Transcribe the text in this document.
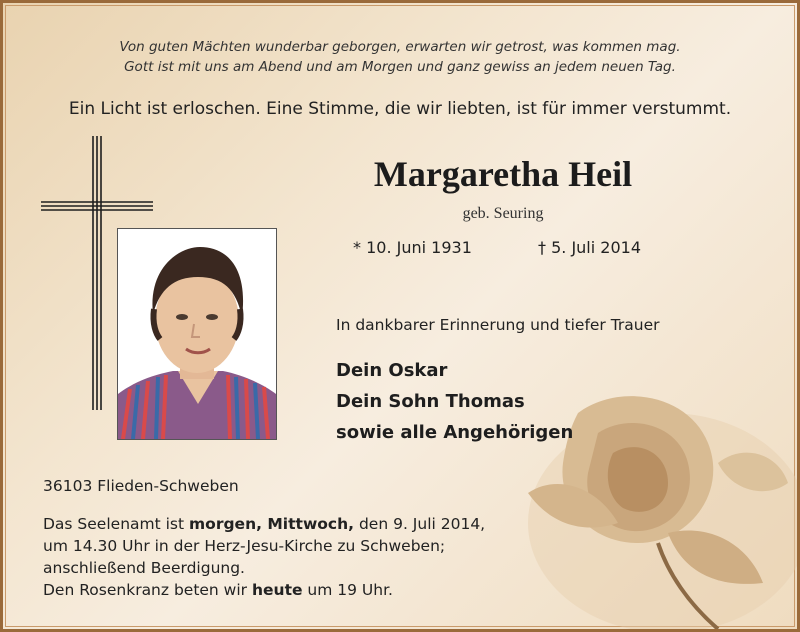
Von guten Mächten wunderbar geborgen, erwarten wir getrost, was kommen mag.
Gott ist mit uns am Abend und am Morgen und ganz gewiss an jedem neuen Tag.
Ein Licht ist erloschen. Eine Stimme, die wir liebten, ist für immer verstummt.
Margaretha Heil
geb. Seuring
* 10. Juni 1931	† 5. Juli 2014
In dankbarer Erinnerung und tiefer Trauer
Dein Oskar
Dein Sohn Thomas
sowie alle Angehörigen
36103 Flieden-Schweben
Das Seelenamt ist morgen, Mittwoch, den 9. Juli 2014,
um 14.30 Uhr in der Herz-Jesu-Kirche zu Schweben;
anschließend Beerdigung.
Den Rosenkranz beten wir heute um 19 Uhr.
